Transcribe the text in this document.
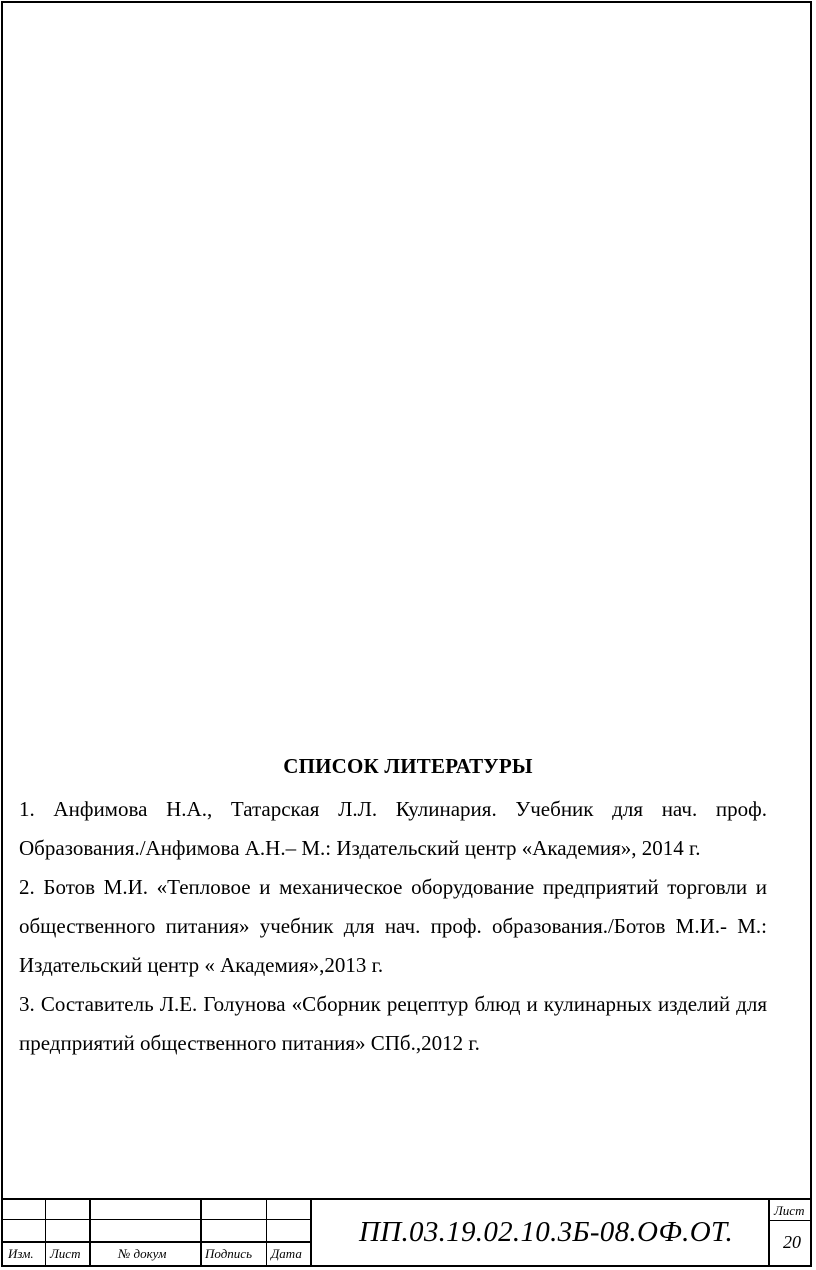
СПИСОК ЛИТЕРАТУРЫ

1. Анфимова Н.А., Татарская Л.Л. Кулинария. Учебник для нач. проф. Образования./Анфимова А.Н.– М.: Издательский центр «Академия», 2014 г.

2. Ботов М.И. «Тепловое и механическое оборудование предприятий торговли и общественного питания» учебник для нач. проф. образования./Ботов М.И.- М.: Издательский центр « Академия»,2013 г.

3. Составитель Л.Е. Голунова «Сборник рецептур блюд и кулинарных изделий для предприятий общественного питания» СПб.,2012 г.

Изм. Лист	№ докум	Подпись Дата
ПП.03.19.02.10.3Б-08.ОФ.ОТ.
Лист
20
